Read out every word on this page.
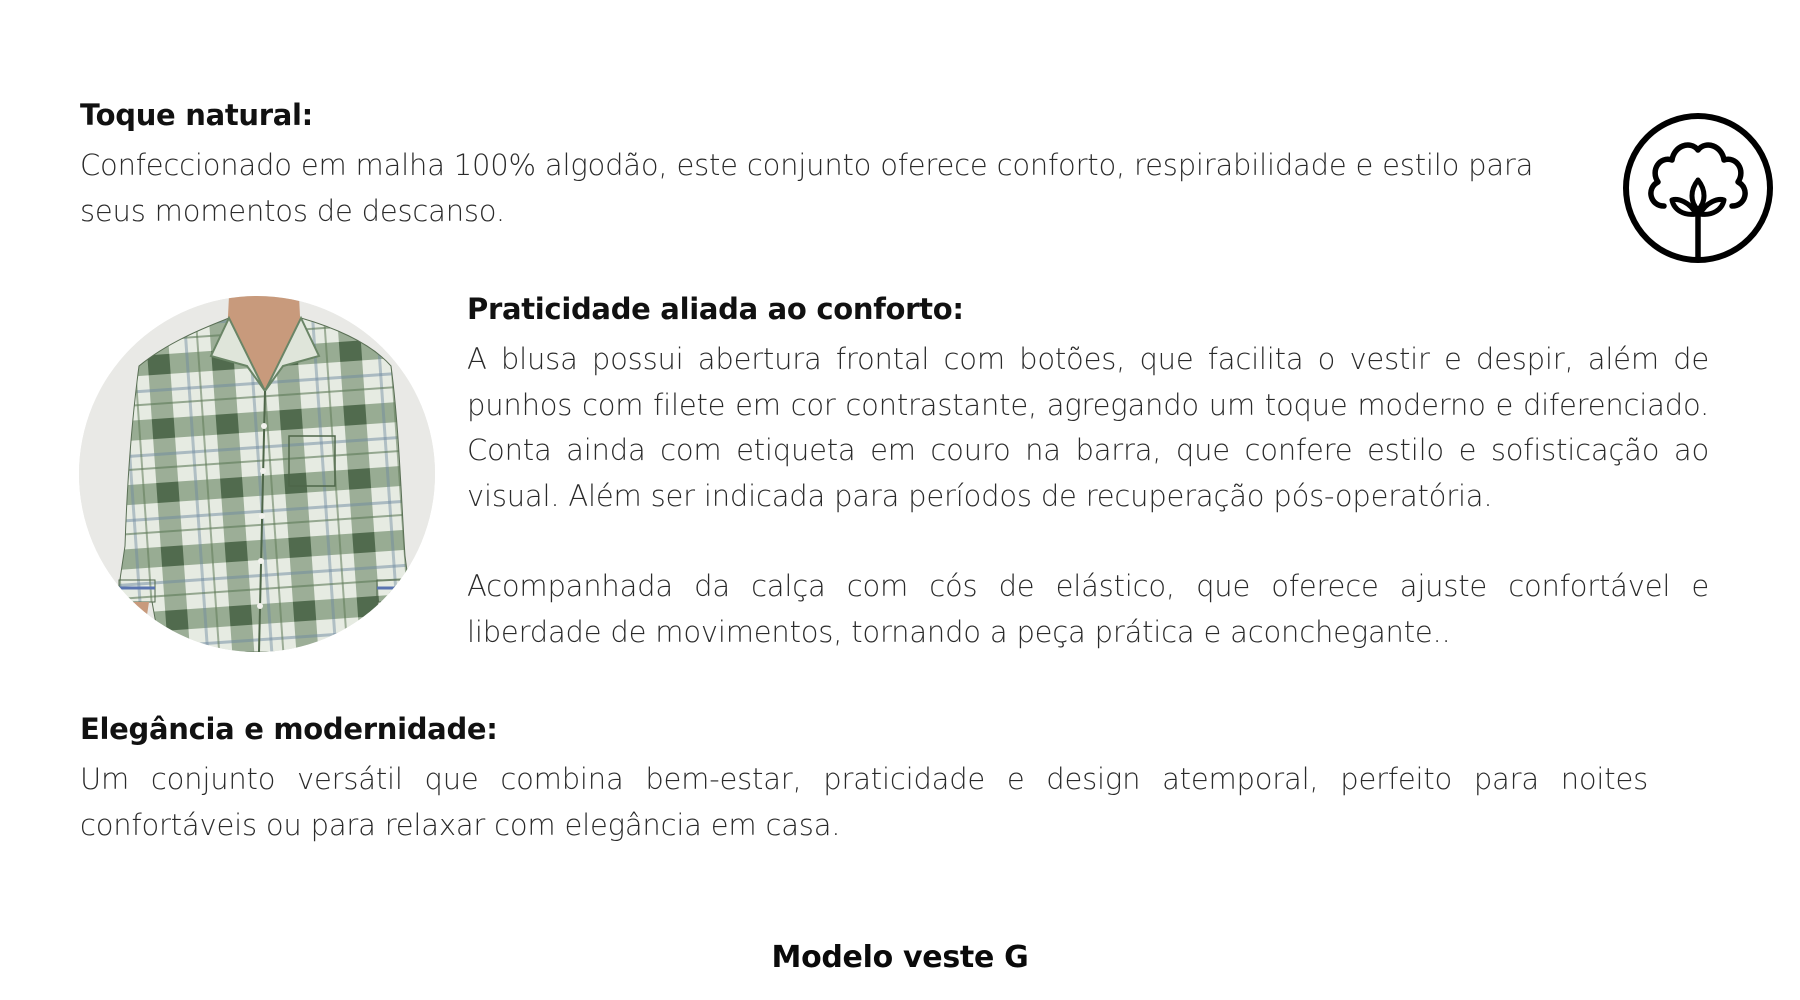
Toque natural:

Confeccionado em malha 100% algodão, este conjunto oferece conforto, respirabilidade e estilo para seus momentos de descanso.

Praticidade aliada ao conforto:

A blusa possui abertura frontal com botões, que facilita o vestir e despir, além de punhos com filete em cor contrastante, agregando um toque moderno e diferenciado. Conta ainda com etiqueta em couro na barra, que confere estilo e sofisticação ao visual. Além ser indicada para períodos de recuperação pós-operatória.

Acompanhada da calça com cós de elástico, que oferece ajuste confortável e liberdade de movimentos, tornando a peça prática e aconchegante..

Elegância e modernidade:

Um conjunto versátil que combina bem-estar, praticidade e design atemporal, perfeito para noites confortáveis ou para relaxar com elegância em casa.

Modelo veste G
